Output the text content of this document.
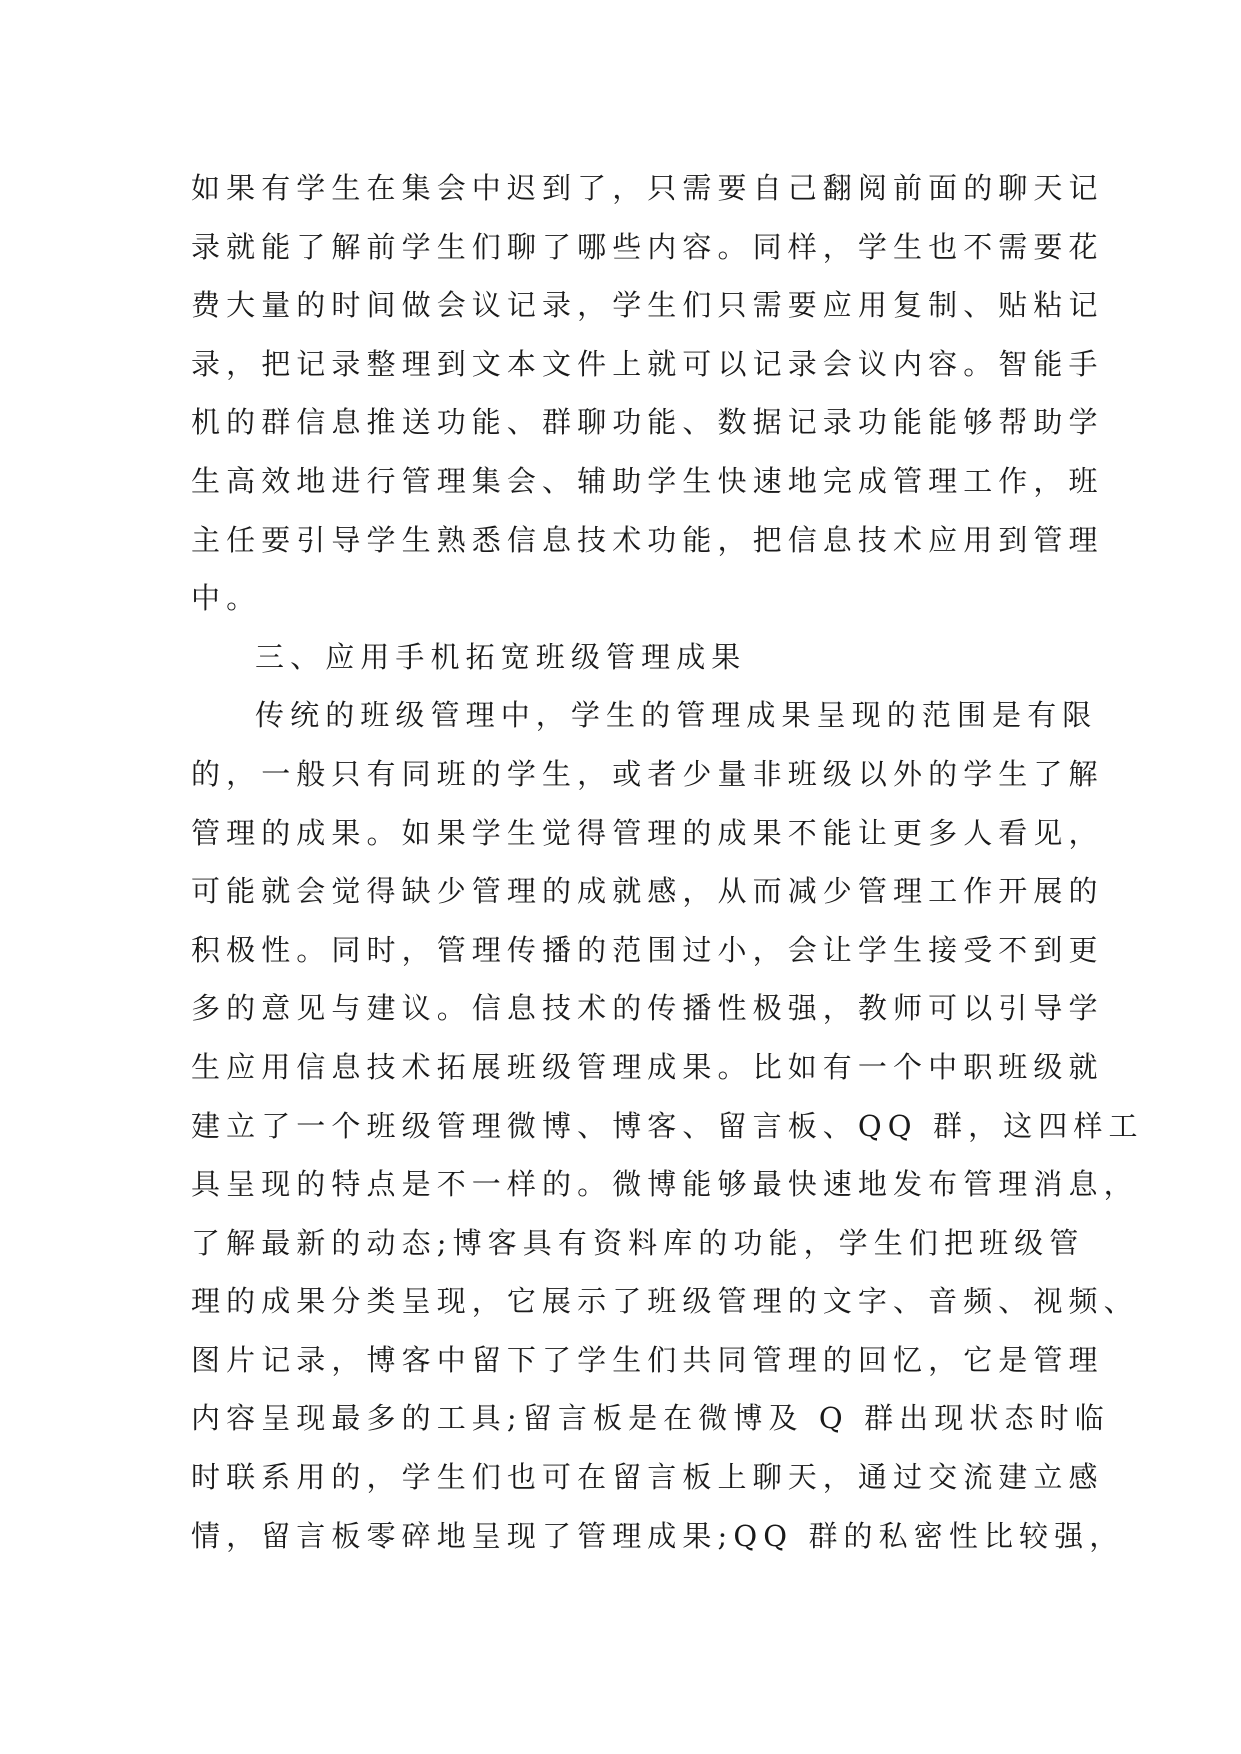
如果有学生在集会中迟到了，只需要自己翻阅前面的聊天记
录就能了解前学生们聊了哪些内容。同样，学生也不需要花
费大量的时间做会议记录，学生们只需要应用复制、贴粘记
录，把记录整理到文本文件上就可以记录会议内容。智能手
机的群信息推送功能、群聊功能、数据记录功能能够帮助学
生高效地进行管理集会、辅助学生快速地完成管理工作，班
主任要引导学生熟悉信息技术功能，把信息技术应用到管理
中。
三、应用手机拓宽班级管理成果
传统的班级管理中，学生的管理成果呈现的范围是有限
的，一般只有同班的学生，或者少量非班级以外的学生了解
管理的成果。如果学生觉得管理的成果不能让更多人看见，
可能就会觉得缺少管理的成就感，从而减少管理工作开展的
积极性。同时，管理传播的范围过小，会让学生接受不到更
多的意见与建议。信息技术的传播性极强，教师可以引导学
生应用信息技术拓展班级管理成果。比如有一个中职班级就
建立了一个班级管理微博、博客、留言板、QQ 群，这四样工
具呈现的特点是不一样的。微博能够最快速地发布管理消息，
了解最新的动态;博客具有资料库的功能，学生们把班级管
理的成果分类呈现，它展示了班级管理的文字、音频、视频、
图片记录，博客中留下了学生们共同管理的回忆，它是管理
内容呈现最多的工具;留言板是在微博及 Q 群出现状态时临
时联系用的，学生们也可在留言板上聊天，通过交流建立感
情，留言板零碎地呈现了管理成果;QQ 群的私密性比较强，
